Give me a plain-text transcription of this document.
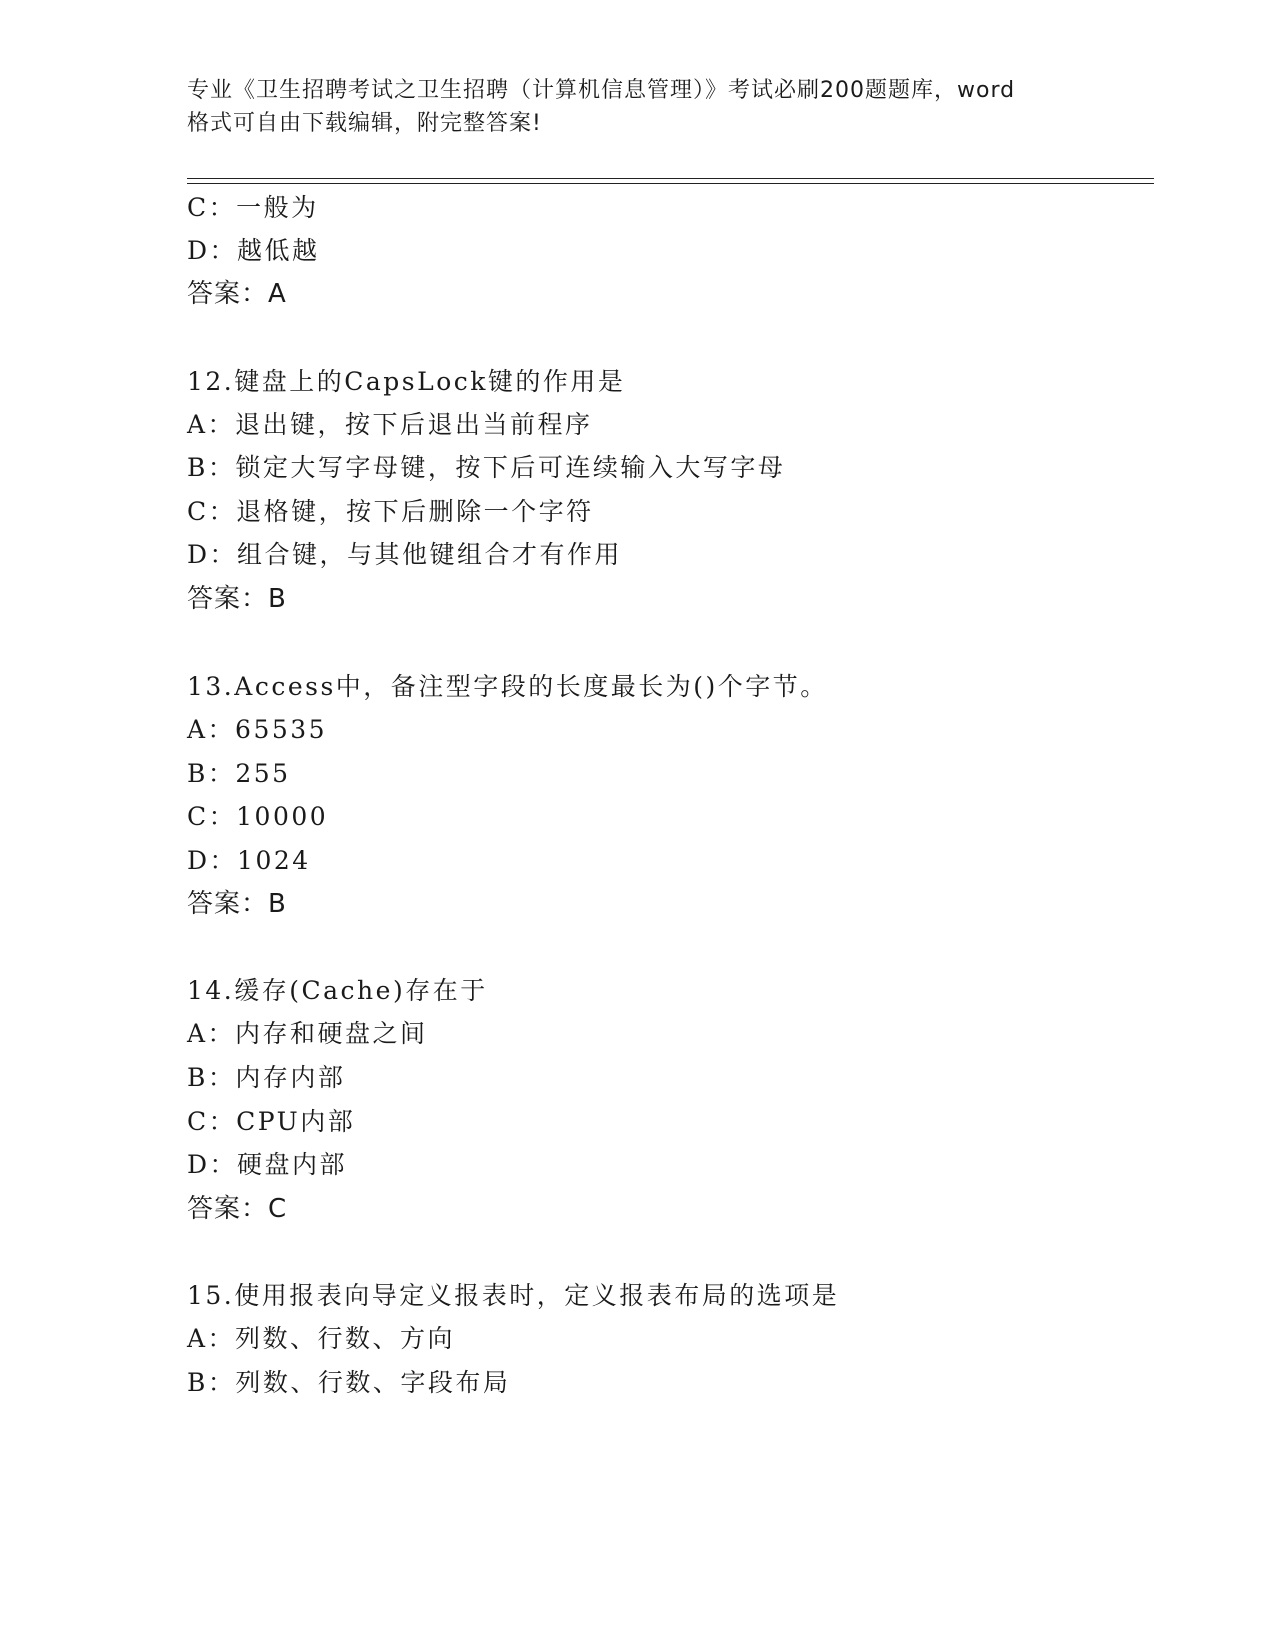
专业《卫生招聘考试之卫生招聘（计算机信息管理）》考试必刷200题题库，word
格式可自由下载编辑，附完整答案!
C：一般为
D：越低越
答案：A
12.键盘上的CapsLock键的作用是
A：退出键，按下后退出当前程序
B：锁定大写字母键，按下后可连续输入大写字母
C：退格键，按下后删除一个字符
D：组合键，与其他键组合才有作用
答案：B
13.Access中，备注型字段的长度最长为()个字节。
A：65535
B：255
C：10000
D：1024
答案：B
14.缓存(Cache)存在于
A：内存和硬盘之间
B：内存内部
C：CPU内部
D：硬盘内部
答案：C
15.使用报表向导定义报表时，定义报表布局的选项是
A：列数、行数、方向
B：列数、行数、字段布局
